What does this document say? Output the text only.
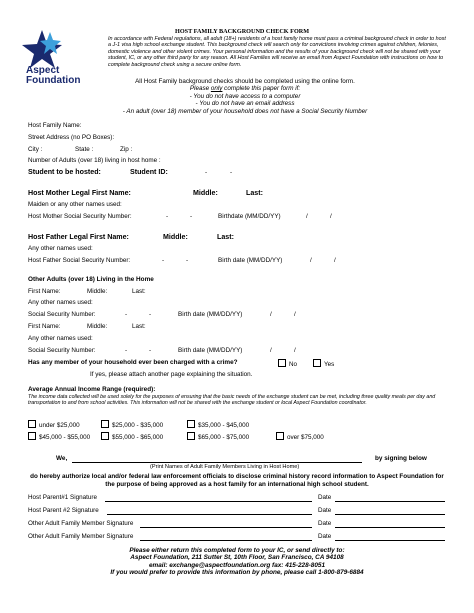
Aspect
Foundation
HOST FAMILY BACKGROUND CHECK FORM
In accordance with Federal regulations, all adult (18+) residents of a host family home must pass a criminal background check in order to host a J-1 visa high school exchange student. This background check will search only for convictions involving crimes against children, felonies, domestic violence and other violent crimes. Your personal information and the results of your background check will not be shared with your student, IC, or any other third party for any reason. All Host Families will receive an email from Aspect Foundation with instructions on how to complete background check using a secure online form.
All Host Family background checks should be completed using the online form.
Please only complete this paper form if:
- You do not have access to a computer
- You do not have an email address
- An adult (over 18) member of your household does not have a Social Security Number
Host Family Name:
Street Address (no PO Boxes):
City :	State :	Zip :
Number of Adults (over 18) living in host home :
Student to be hosted:	Student ID:	-	-
Host Mother Legal First Name:	Middle:	Last:
Maiden or any other names used:
Host Mother Social Security Number:	-	-	Birthdate (MM/DD/YY)	/	/
Host Father Legal First Name:	Middle:	Last:
Any other names used:
Host Father Social Security Number:	-	-	Birth date (MM/DD/YY)	/	/
Other Adults (over 18) Living in the Home
First Name:	Middle:	Last:
Any other names used:
Social Security Number:	-	-	Birth date (MM/DD/YY)	/	/
First Name:	Middle:	Last:
Any other names used:
Social Security Number:	-	-	Birth date (MM/DD/YY)	/	/
Has any member of your household ever been charged with a crime?	No	Yes
If yes, please attach another page explaining the situation.
Average Annual Income Range (required):
The income data collected will be used solely for the purposes of ensuring that the basic needs of the exchange student can be met, including three quality meals per day and transportation to and from school activities. This information will not be shared with the exchange student or local Aspect Foundation coordinator.
under $25,000	$25,000 - $35,000	$35,000 - $45,000
$45,000 - $55,000	$55,000 - $65,000	$65,000 - $75,000	over $75,000
We,	by signing below
(Print Names of Adult Family Members Living in Host Home)
do hereby authorize local and/or federal law enforcement officials to disclose criminal history record information to Aspect Foundation for the purpose of being approved as a host family for an international high school student.
Host Parent#1 Signature	Date
Host Parent #2 Signature	Date
Other Adult Family Member Signature	Date
Other Adult Family Member Signature	Date
Please either return this completed form to your IC, or send directly to:
Aspect Foundation, 211 Sutter St, 10th Floor, San Francisco, CA 94108
email: exchange@aspectfoundation.org fax: 415-228-8051
If you would prefer to provide this information by phone, please call 1-800-879-6884
